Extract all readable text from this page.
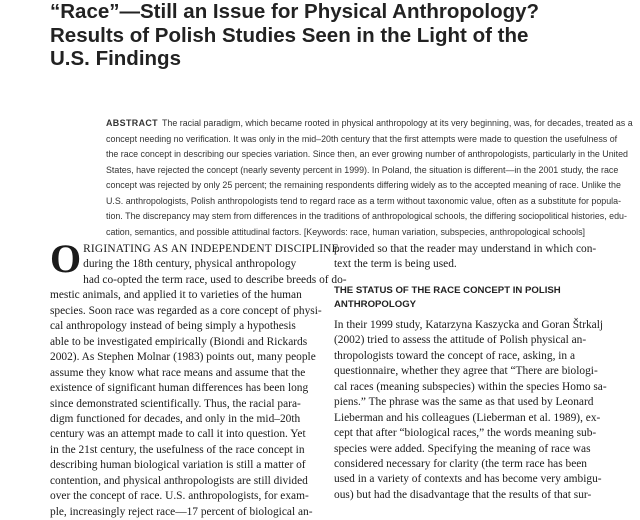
“Race”—Still an Issue for Physical Anthropology?
Results of Polish Studies Seen in the Light of the
U.S. Findings
ABSTRACT The racial paradigm, which became rooted in physical anthropology at its very beginning, was, for decades, treated as a
concept needing no verification. It was only in the mid–20th century that the first attempts were made to question the usefulness of
the race concept in describing our species variation. Since then, an ever growing number of anthropologists, particularly in the United
States, have rejected the concept (nearly seventy percent in 1999). In Poland, the situation is different—in the 2001 study, the race
concept was rejected by only 25 percent; the remaining respondents differing widely as to the accepted meaning of race. Unlike the
U.S. anthropologists, Polish anthropologists tend to regard race as a term without taxonomic value, often as a substitute for popula-
tion. The discrepancy may stem from differences in the traditions of anthropological schools, the differing sociopolitical histories, edu-
cation, semantics, and possible attitudinal factors. [Keywords: race, human variation, subspecies, anthropological schools]
O RIGINATING AS AN INDEPENDENT DISCIPLINE
during the 18th century, physical anthropology
had co-opted the term race, used to describe breeds of do-
mestic animals, and applied it to varieties of the human
species. Soon race was regarded as a core concept of physi-
cal anthropology instead of being simply a hypothesis
able to be investigated empirically (Biondi and Rickards
2002). As Stephen Molnar (1983) points out, many people
assume they know what race means and assume that the
existence of significant human differences has been long
since demonstrated scientifically. Thus, the racial para-
digm functioned for decades, and only in the mid–20th
century was an attempt made to call it into question. Yet
in the 21st century, the usefulness of the race concept in
describing human biological variation is still a matter of
contention, and physical anthropologists are still divided
over the concept of race. U.S. anthropologists, for exam-
ple, increasingly reject race—17 percent of biological an-
provided so that the reader may understand in which con-
text the term is being used.
THE STATUS OF THE RACE CONCEPT IN POLISH
ANTHROPOLOGY
In their 1999 study, Katarzyna Kaszycka and Goran Štrkalj
(2002) tried to assess the attitude of Polish physical an-
thropologists toward the concept of race, asking, in a
questionnaire, whether they agree that “There are biologi-
cal races (meaning subspecies) within the species Homo sa-
piens.” The phrase was the same as that used by Leonard
Lieberman and his colleagues (Lieberman et al. 1989), ex-
cept that after “biological races,” the words meaning sub-
species were added. Specifying the meaning of race was
considered necessary for clarity (the term race has been
used in a variety of contexts and has become very ambigu-
ous) but had the disadvantage that the results of that sur-
